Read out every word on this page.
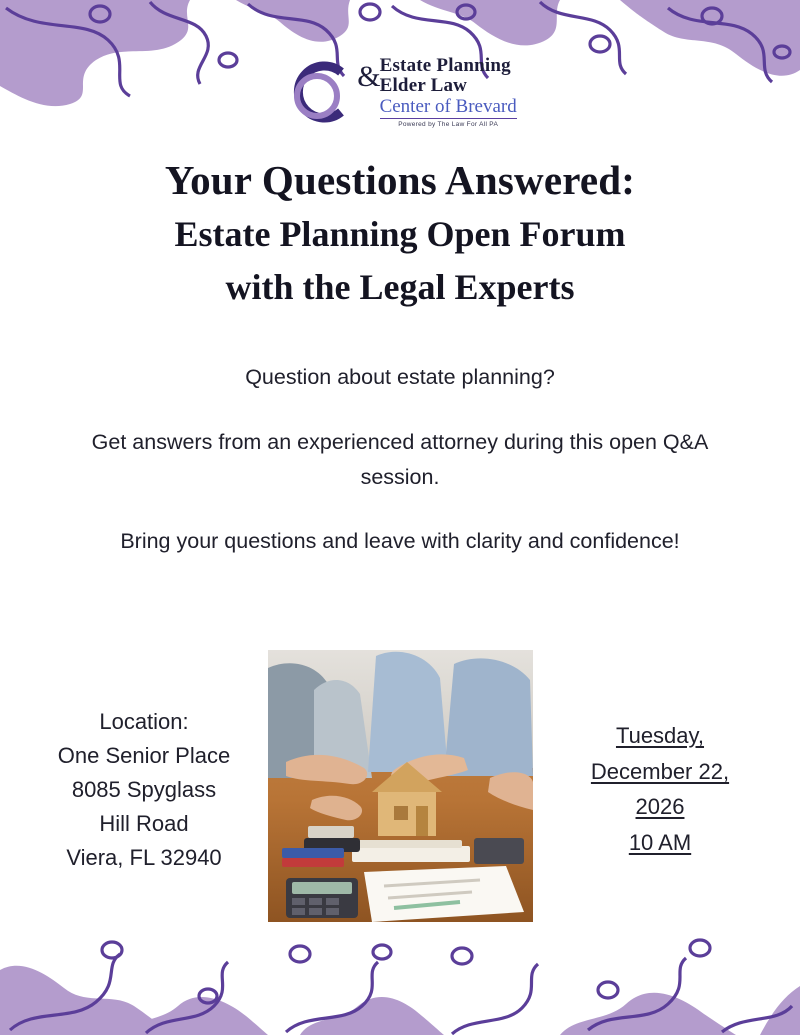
& Estate Planning
Elder Law
Center of Brevard
Powered by The Law For All PA
Your Questions Answered:
Estate Planning Open Forum
with the Legal Experts

Question about estate planning?

Get answers from an experienced attorney during this open Q&A session.

Bring your questions and leave with clarity and confidence!

Location:
One Senior Place
8085 Spyglass
Hill Road
Viera, FL 32940
Tuesday,
December 22,
2026
10 AM
